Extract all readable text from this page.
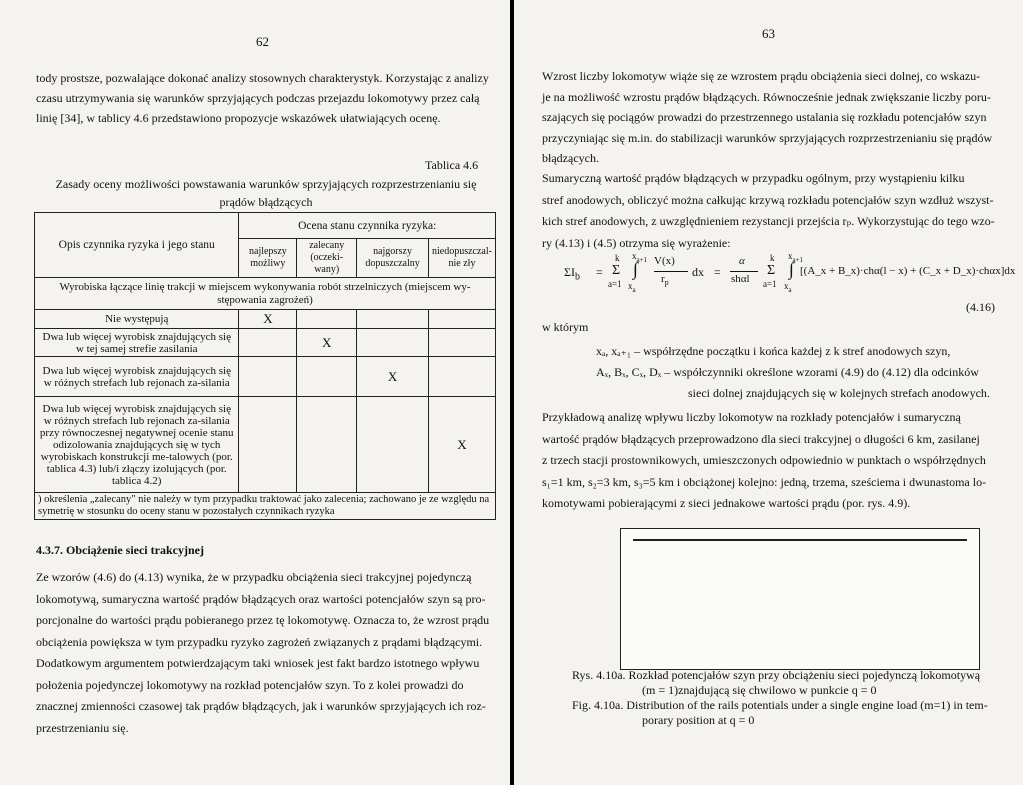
62

tody prostsze, pozwalające dokonać analizy stosownych charakterystyk. Korzystając z analizy

czasu utrzymywania się warunków sprzyjających podczas przejazdu lokomotywy przez całą

linię [34], w tablicy 4.6 przedstawiono propozycje wskazówek ułatwiających ocenę.

Tablica 4.6
Zasady oceny możliwości powstawania warunków sprzyjających rozprzestrzenianiu się
prądów błądzących
Opis czynnika ryzyka i jego stanu	Ocena stanu czynnika ryzyka:			
	najlepszy możliwy	zalecany (oczeki-wany)	najgorszy dopuszczalny	niedopuszczal-nie zły
Wyrobiska łączące linię trakcji w miejscem wykonywania robót strzelniczych (miejscem wy-stępowania zagrożeń)				
Nie występują	X			
Dwa lub więcej wyrobisk znajdujących się w tej samej strefie zasilania		X		
Dwa lub więcej wyrobisk znajdujących się w różnych strefach lub rejonach za-silania			X	
Dwa lub więcej wyrobisk znajdujących się w różnych strefach lub rejonach za-silania przy równoczesnej negatywnej ocenie stanu odizolowania znajdujących się w tych wyrobiskach konstrukcji me-talowych (por. tablica 4.3) lub/i złączy izolujących (por. tablica 4.2)				X
) określenia „zalecany" nie należy w tym przypadku traktować jako zalecenia; zachowano je ze względu na symetrię w stosunku do oceny stanu w pozostałych czynnikach ryzyka				
4.3.7. Obciążenie sieci trakcyjnej

Ze wzorów (4.6) do (4.13) wynika, że w przypadku obciążenia sieci trakcyjnej pojedynczą

lokomotywą, sumaryczna wartość prądów błądzących oraz wartości potencjałów szyn są pro-

porcjonalne do wartości prądu pobieranego przez tę lokomotywę. Oznacza to, że wzrost prądu

obciążenia powiększa w tym przypadku ryzyko zagrożeń związanych z prądami błądzącymi.

Dodatkowym argumentem potwierdzającym taki wniosek jest fakt bardzo istotnego wpływu

położenia pojedynczej lokomotywy na rozkład potencjałów szyn. To z kolei prowadzi do

znacznej zmienności czasowej tak prądów błądzących, jak i warunków sprzyjających ich roz-

przestrzenianiu się.

63

Wzrost liczby lokomotyw wiąże się ze wzrostem prądu obciążenia sieci dolnej, co wskazu-

je na możliwość wzrostu prądów błądzących. Równocześnie jednak zwiększanie liczby poru-

szających się pociągów prowadzi do przestrzennego ustalania się rozkładu potencjałów szyn

przyczyniając się m.in. do stabilizacji warunków sprzyjających rozprzestrzenianiu się prądów

błądzących.

Sumaryczną wartość prądów błądzących w przypadku ogólnym, przy wystąpieniu kilku

stref anodowych, obliczyć można całkując krzywą rozkładu potencjałów szyn wzdłuż wszyst-

kich stref anodowych, z uwzględnieniem rezystancji przejścia rₚ. Wykorzystując do tego wzo-

ry (4.13) i (4.5) otrzyma się wyrażenie:

$\Sigma I_b$ =
k
Σ
a=1
$x_{a+1}$
∫
$x_a$
V(x)
$r_p$
dx =
α
shαl
k
Σ
a=1
$x_{a+1}$
∫
$x_a$
[(A_x + B_x)·chα(l − x) + (C_x + D_x)·chαx]dx
(4.16)
w którym
xₐ, xₐ₊₁ – współrzędne początku i końca każdej z k stref anodowych szyn,
Aₓ, Bₓ, Cₓ, Dₓ – współczynniki określone wzorami (4.9) do (4.12) dla odcinków
sieci dolnej znajdujących się w kolejnych strefach anodowych.

Przykładową analizę wpływu liczby lokomotyw na rozkłady potencjałów i sumaryczną

wartość prądów błądzących przeprowadzono dla sieci trakcyjnej o długości 6 km, zasilanej

z trzech stacji prostownikowych, umieszczonych odpowiednio w punktach o współrzędnych

s₁=1 km, s₂=3 km, s₃=5 km i obciążonej kolejno: jedną, trzema, sześciema i dwunastoma lo-

komotywami pobierającymi z sieci jednakowe wartości prądu (por. rys. 4.9).

Rys. 4.10a. Rozkład potencjałów szyn przy obciążeniu sieci pojedynczą lokomotywą
(m = 1)znajdującą się chwilowo w punkcie q = 0
Fig. 4.10a. Distribution of the rails potentials under a single engine load (m=1) in tem-
porary position at q = 0
